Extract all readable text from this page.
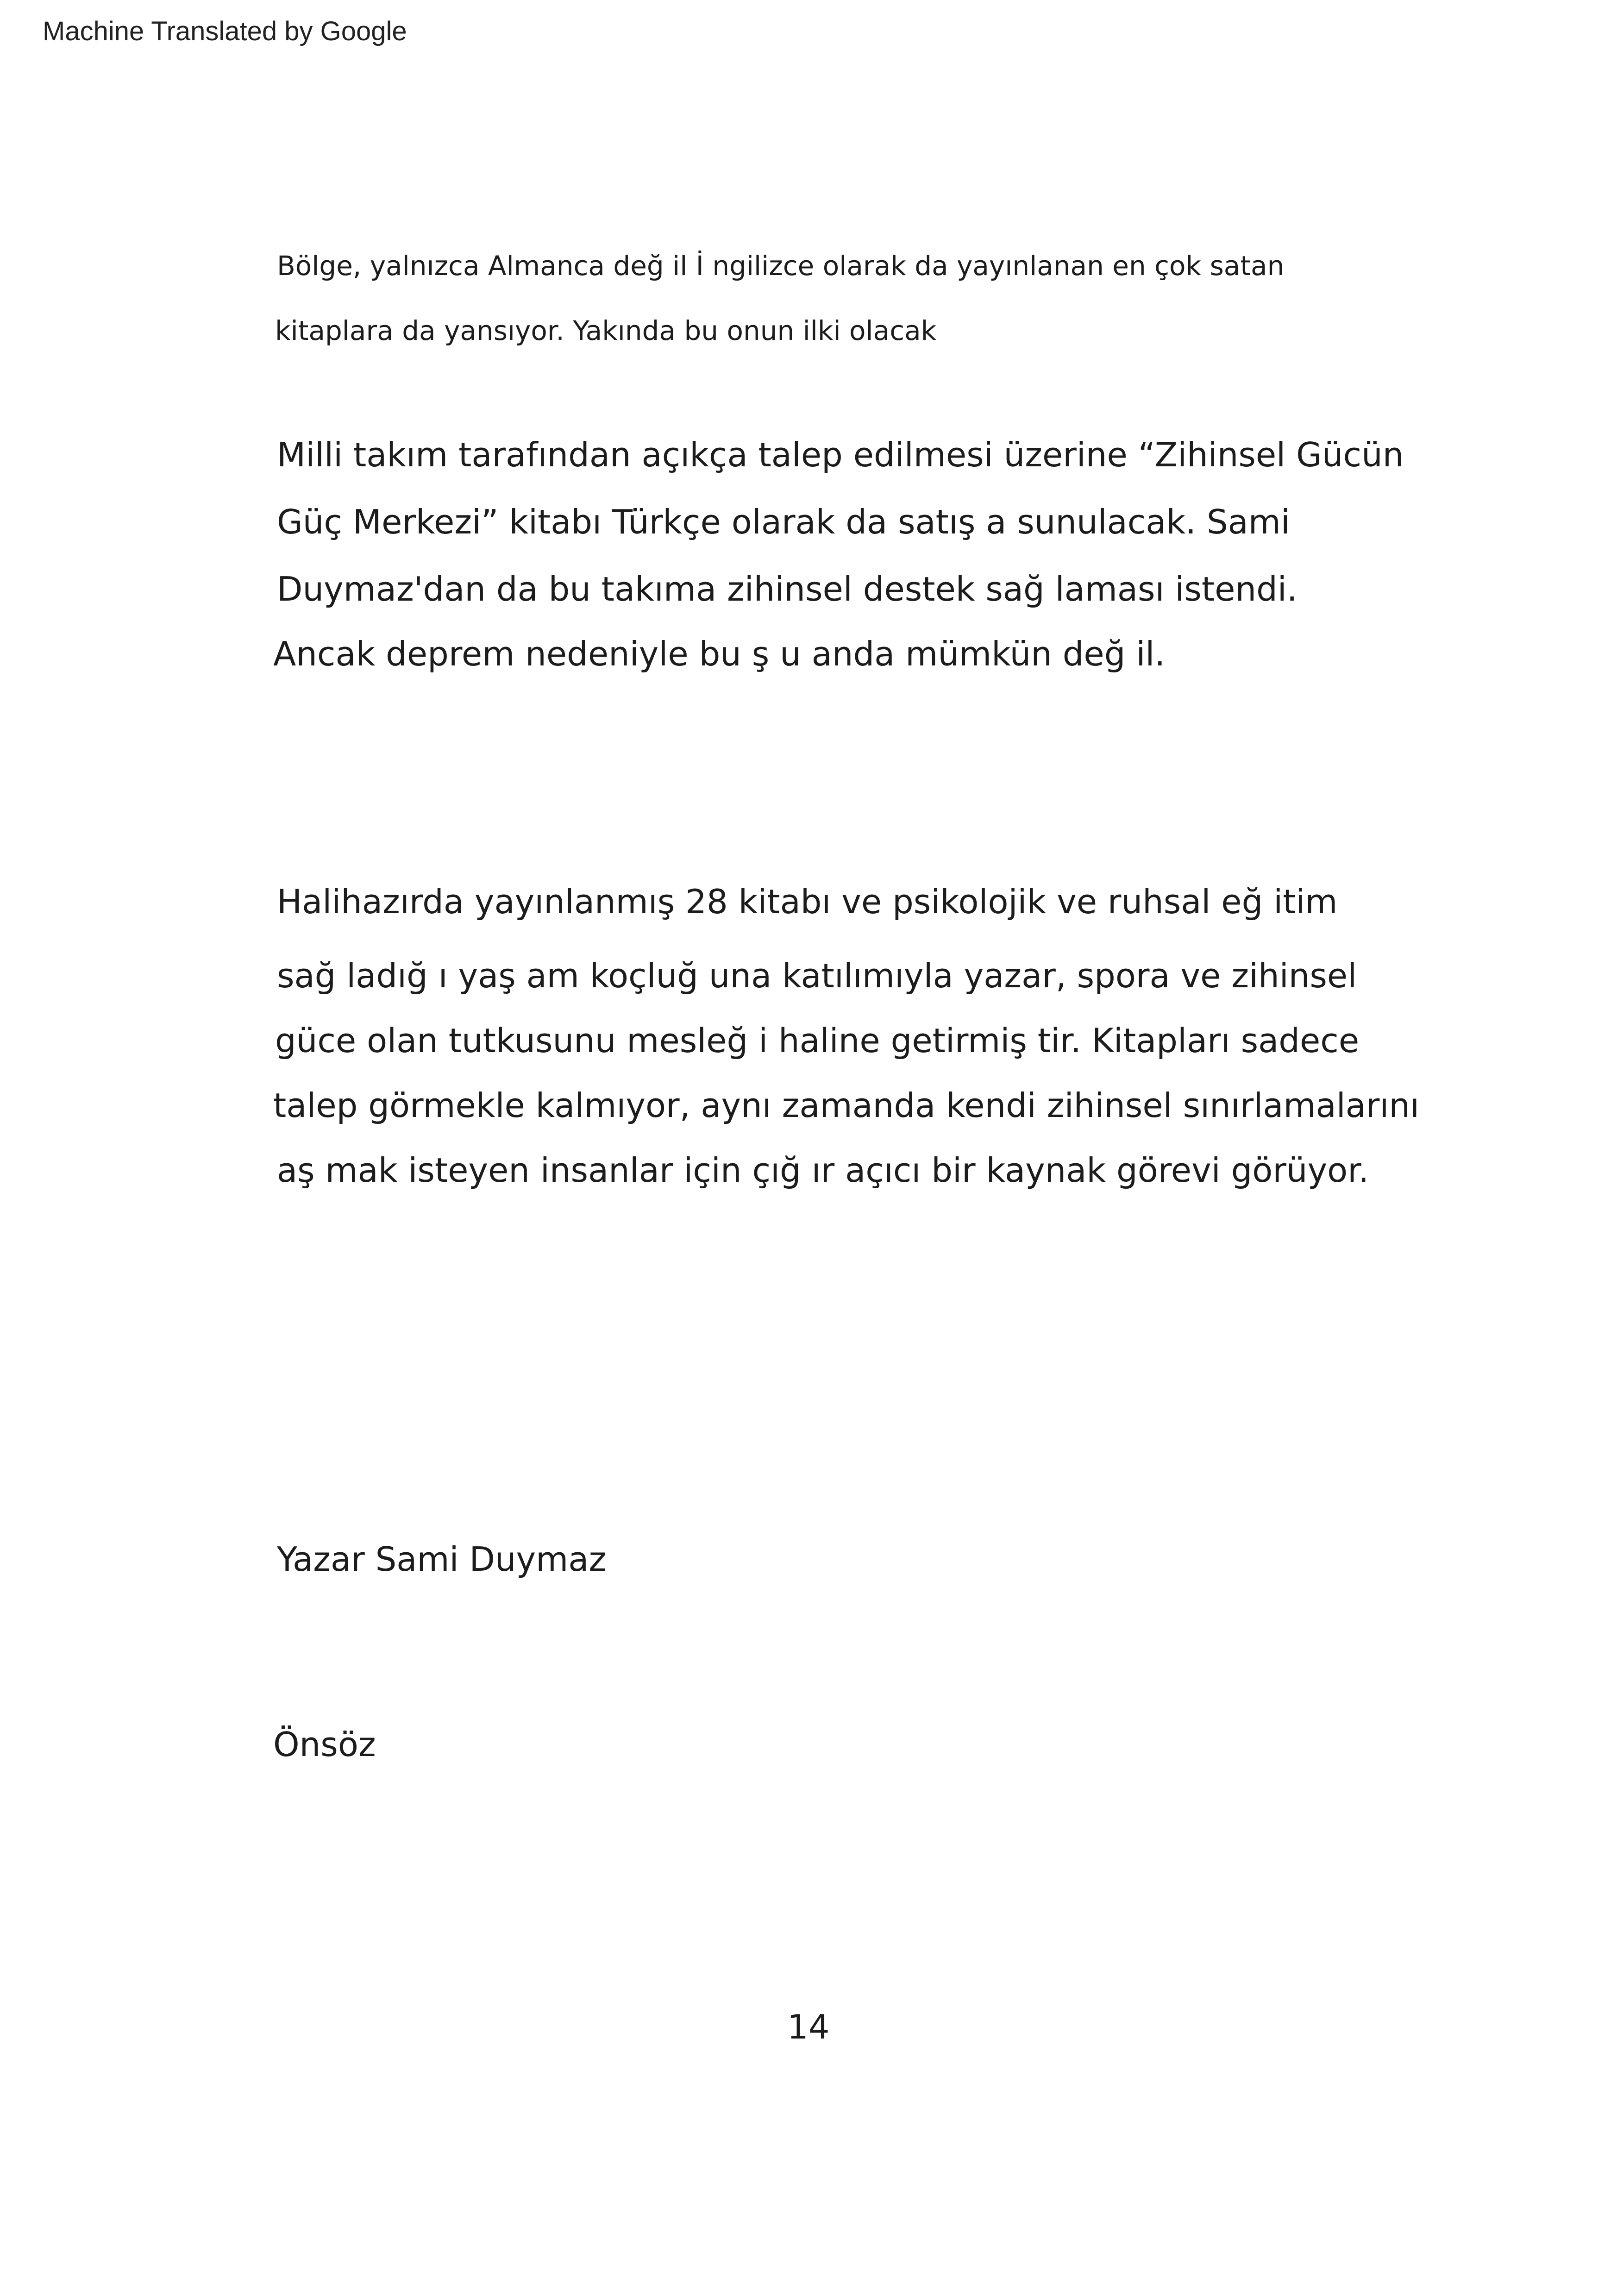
Machine Translated by Google
Bölge, yalnızca Almanca değ il İ ngilizce olarak da yayınlanan en çok satan
kitaplara da yansıyor. Yakında bu onun ilki olacak
Milli takım tarafından açıkça talep edilmesi üzerine “Zihinsel Gücün
Güç Merkezi” kitabı Türkçe olarak da satış a sunulacak. Sami
Duymaz'dan da bu takıma zihinsel destek sağ laması istendi.
Ancak deprem nedeniyle bu ş u anda mümkün değ il.
Halihazırda yayınlanmış 28 kitabı ve psikolojik ve ruhsal eğ itim
sağ ladığ ı yaş am koçluğ una katılımıyla yazar, spora ve zihinsel
güce olan tutkusunu mesleğ i haline getirmiş tir. Kitapları sadece
talep görmekle kalmıyor, aynı zamanda kendi zihinsel sınırlamalarını
aş mak isteyen insanlar için çığ ır açıcı bir kaynak görevi görüyor.
Yazar Sami Duymaz
Önsöz
14
